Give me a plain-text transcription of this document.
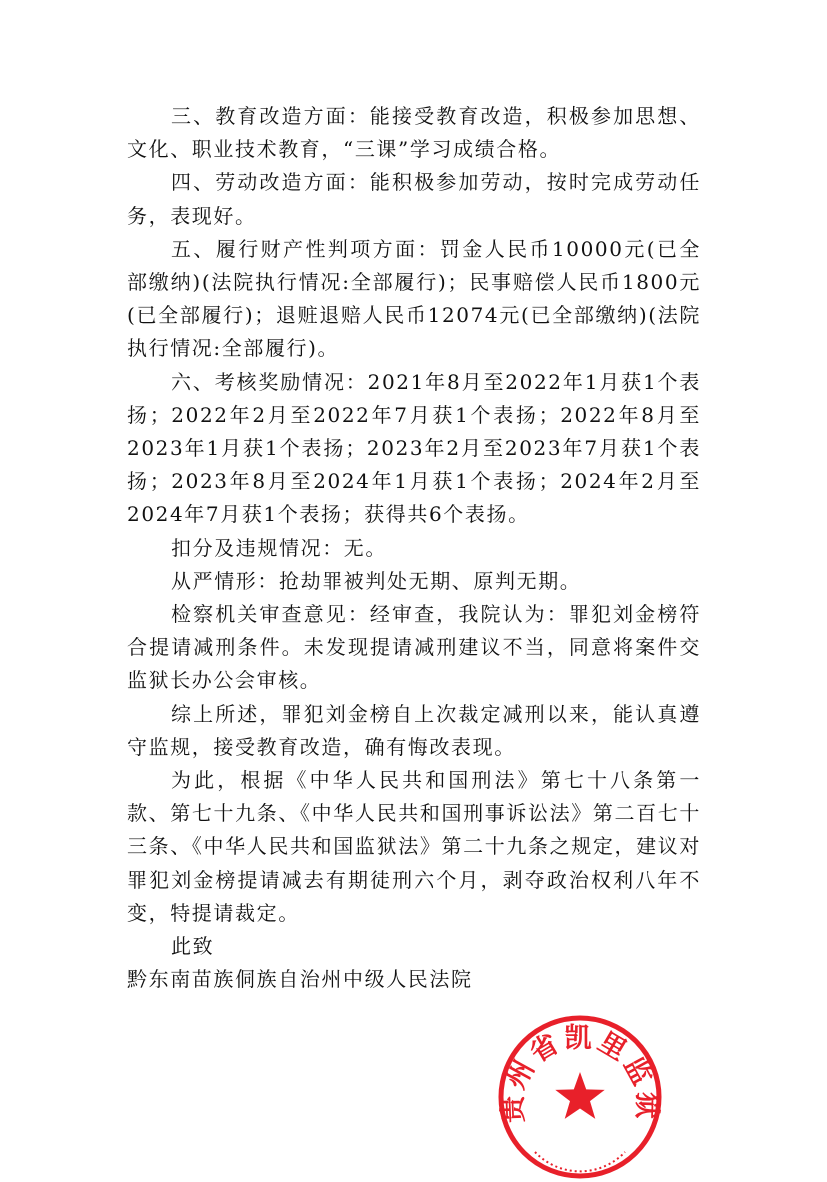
三、教育改造方面：能接受教育改造，积极参加思想、文化、职业技术教育，“三课”学习成绩合格。

四、劳动改造方面：能积极参加劳动，按时完成劳动任务，表现好。

五、履行财产性判项方面：罚金人民币10000元(已全部缴纳)(法院执行情况:全部履行)；民事赔偿人民币1800元(已全部履行)；退赃退赔人民币12074元(已全部缴纳)(法院执行情况:全部履行)。

六、考核奖励情况：2021年8月至2022年1月获1个表扬；2022年2月至2022年7月获1个表扬；2022年8月至2023年1月获1个表扬；2023年2月至2023年7月获1个表扬；2023年8月至2024年1月获1个表扬；2024年2月至2024年7月获1个表扬；获得共6个表扬。

扣分及违规情况：无。

从严情形：抢劫罪被判处无期、原判无期。

检察机关审查意见：经审查，我院认为：罪犯刘金榜符合提请减刑条件。未发现提请减刑建议不当，同意将案件交监狱长办公会审核。

综上所述，罪犯刘金榜自上次裁定减刑以来，能认真遵守监规，接受教育改造，确有悔改表现。

为此，根据《中华人民共和国刑法》第七十八条第一款、第七十九条、《中华人民共和国刑事诉讼法》第二百七十三条、《中华人民共和国监狱法》第二十九条之规定，建议对罪犯刘金榜提请减去有期徒刑六个月，剥夺政治权利八年不变，特提请裁定。

此致

黔东南苗族侗族自治州中级人民法院

贵州省凯里监狱
